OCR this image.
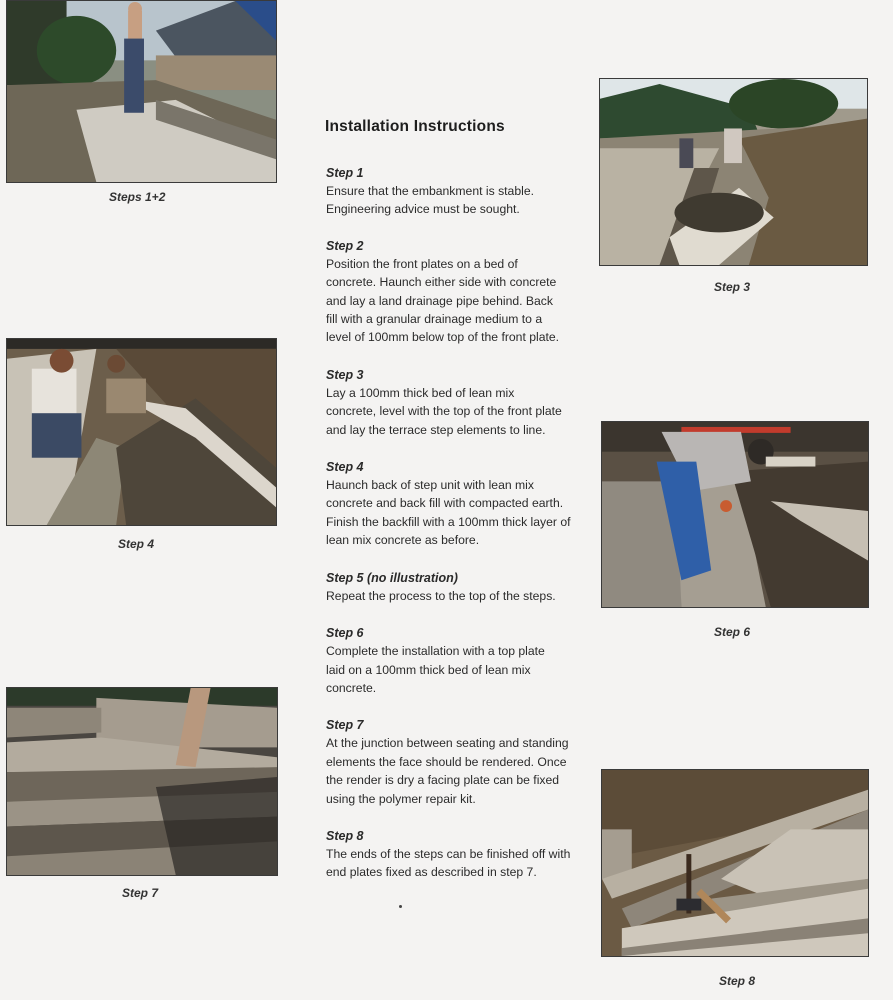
Steps 1+2
Installation Instructions
Step 1
Ensure that the embankment is stable. Engineering advice must be sought.
Step 2
Position the front plates on a bed of concrete. Haunch either side with concrete and lay a land drainage pipe behind. Back fill with a granular drainage medium to a level of 100mm below top of the front plate.
Step 3
Lay a 100mm thick bed of lean mix concrete, level with the top of the front plate and lay the terrace step elements to line.
Step 4
Haunch back of step unit with lean mix concrete and back fill with compacted earth. Finish the backfill with a 100mm thick layer of lean mix concrete as before.
Step 5 (no illustration)
Repeat the process to the top of the steps.
Step 6
Complete the installation with a top plate laid on a 100mm thick bed of lean mix concrete.
Step 7
At the junction between seating and standing elements the face should be rendered. Once the render is dry a facing plate can be fixed using the polymer repair kit.
Step 8
The ends of the steps can be finished off with end plates fixed as described in step 7.
Step 3
Step 4
Step 6
Step 7
Step 8
